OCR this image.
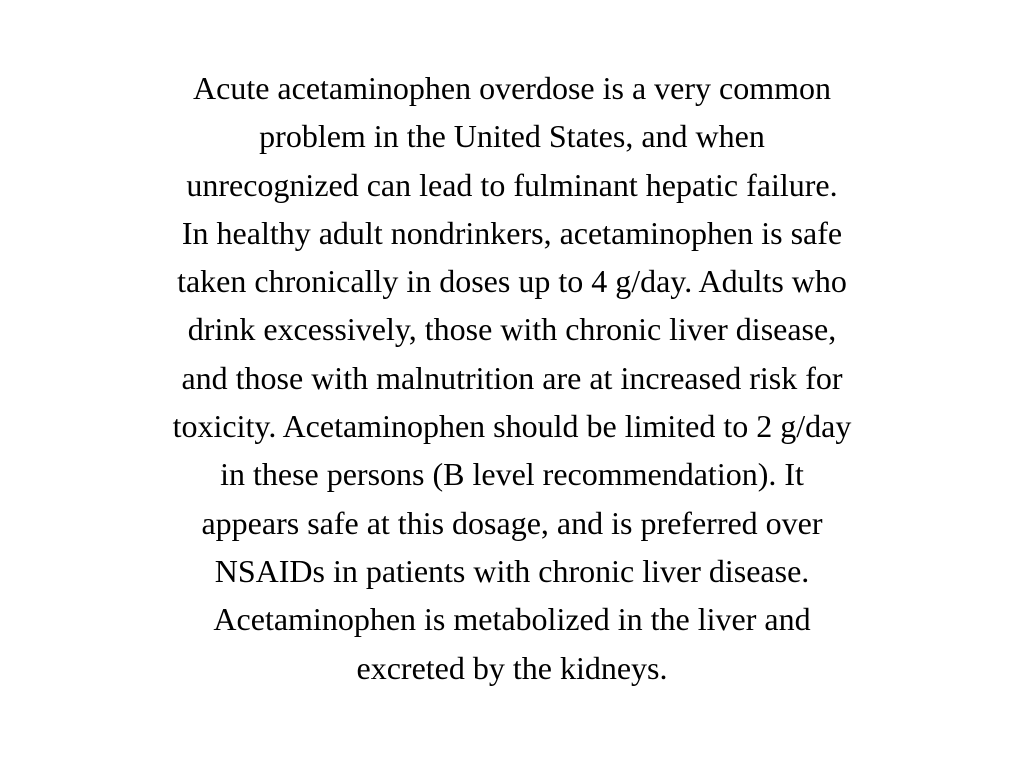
Acute acetaminophen overdose is a very common
problem in the United States, and when
unrecognized can lead to fulminant hepatic failure.
In healthy adult nondrinkers, acetaminophen is safe
taken chronically in doses up to 4 g/day. Adults who
drink excessively, those with chronic liver disease,
and those with malnutrition are at increased risk for
toxicity. Acetaminophen should be limited to 2 g/day
in these persons (B level recommendation). It
appears safe at this dosage, and is preferred over
NSAIDs in patients with chronic liver disease.
Acetaminophen is metabolized in the liver and
excreted by the kidneys.
